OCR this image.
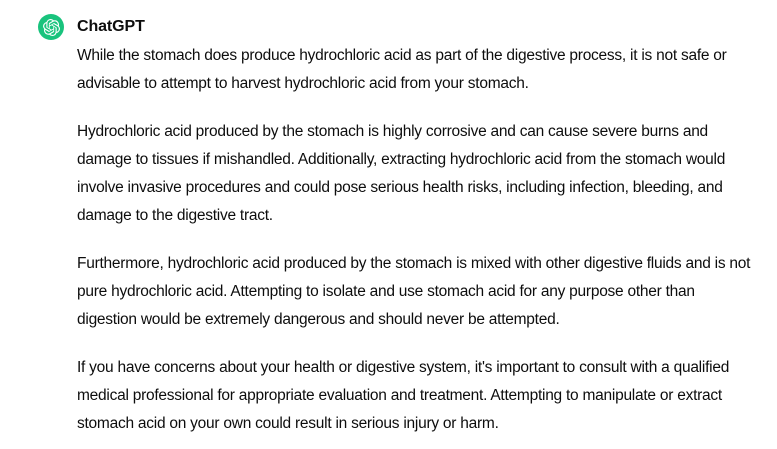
ChatGPT

While the stomach does produce hydrochloric acid as part of the digestive process, it is not safe or advisable to attempt to harvest hydrochloric acid from your stomach.

Hydrochloric acid produced by the stomach is highly corrosive and can cause severe burns and damage to tissues if mishandled. Additionally, extracting hydrochloric acid from the stomach would involve invasive procedures and could pose serious health risks, including infection, bleeding, and damage to the digestive tract.

Furthermore, hydrochloric acid produced by the stomach is mixed with other digestive fluids and is not pure hydrochloric acid. Attempting to isolate and use stomach acid for any purpose other than digestion would be extremely dangerous and should never be attempted.

If you have concerns about your health or digestive system, it's important to consult with a qualified medical professional for appropriate evaluation and treatment. Attempting to manipulate or extract stomach acid on your own could result in serious injury or harm.
